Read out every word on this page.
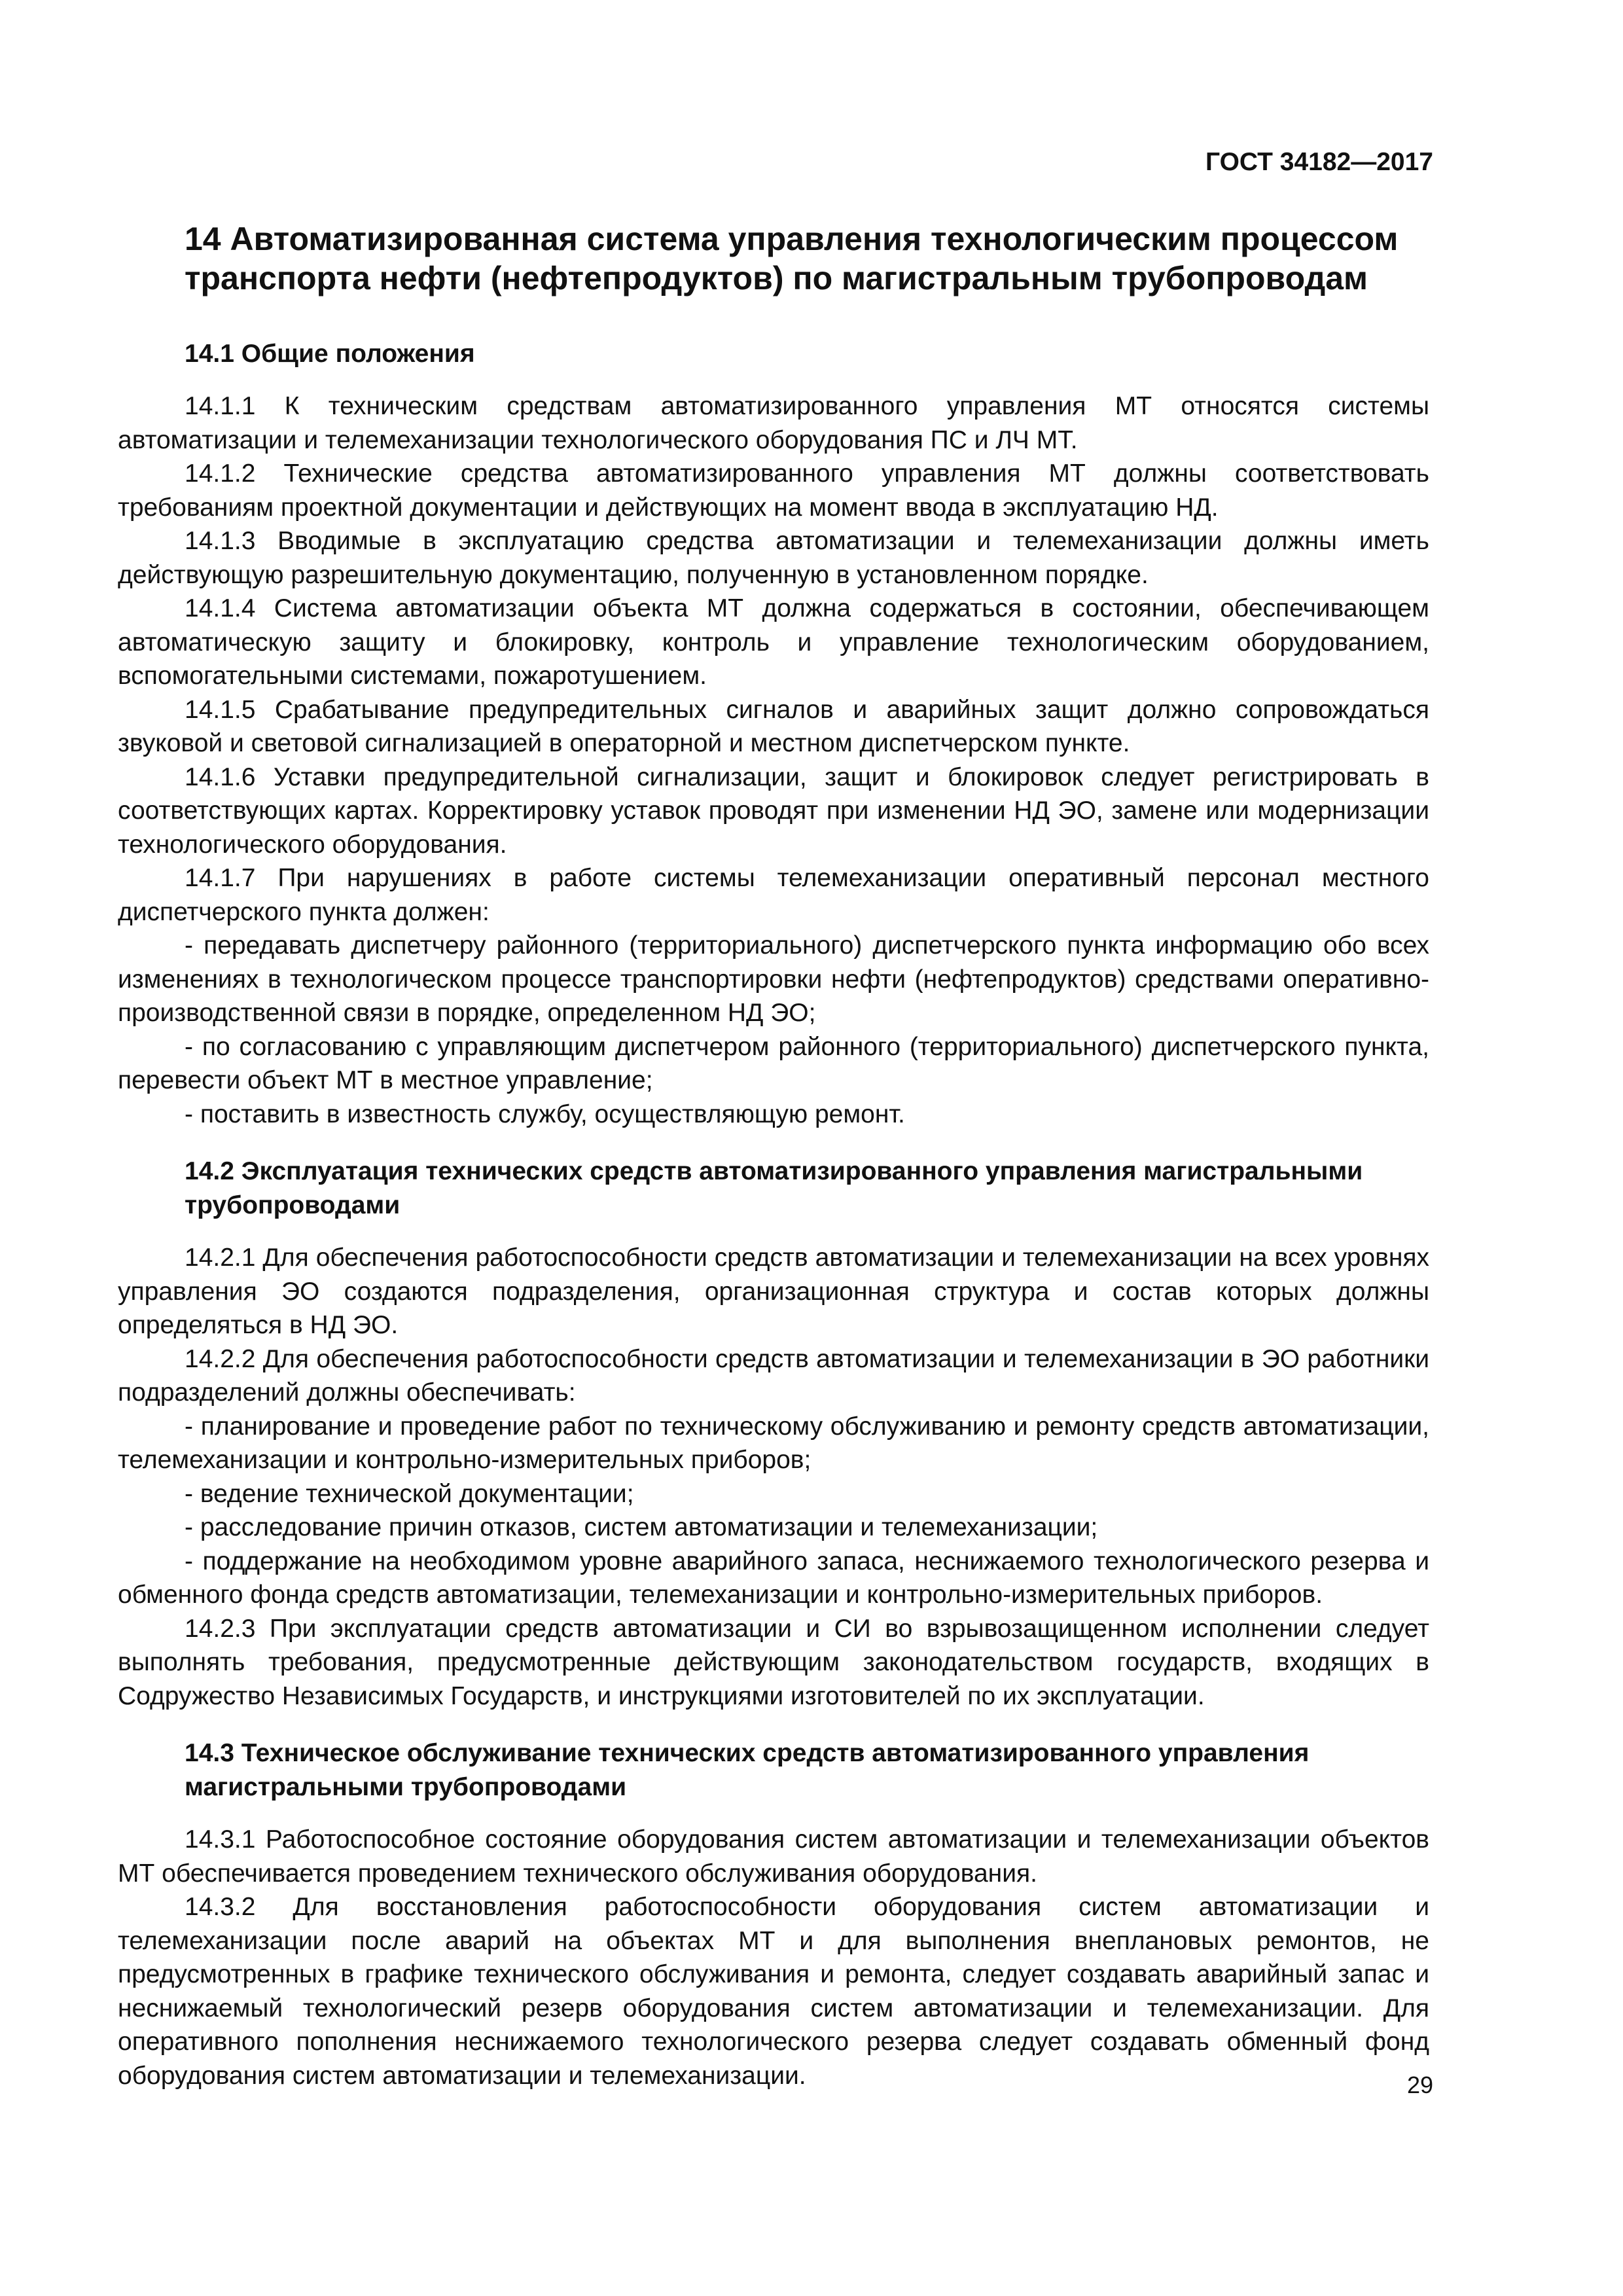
ГОСТ 34182—2017
14 Автоматизированная система управления технологическим процессом транспорта нефти (нефтепродуктов) по магистральным трубопроводам
14.1 Общие положения

14.1.1 К техническим средствам автоматизированного управления МТ относятся системы автоматизации и телемеханизации технологического оборудования ПС и ЛЧ МТ.

14.1.2 Технические средства автоматизированного управления МТ должны соответствовать требованиям проектной документации и действующих на момент ввода в эксплуатацию НД.

14.1.3 Вводимые в эксплуатацию средства автоматизации и телемеханизации должны иметь действующую разрешительную документацию, полученную в установленном порядке.

14.1.4 Система автоматизации объекта МТ должна содержаться в состоянии, обеспечивающем автоматическую защиту и блокировку, контроль и управление технологическим оборудованием, вспомогательными системами, пожаротушением.

14.1.5 Срабатывание предупредительных сигналов и аварийных защит должно сопровождаться звуковой и световой сигнализацией в операторной и местном диспетчерском пункте.

14.1.6 Уставки предупредительной сигнализации, защит и блокировок следует регистрировать в соответствующих картах. Корректировку уставок проводят при изменении НД ЭО, замене или модернизации технологического оборудования.

14.1.7 При нарушениях в работе системы телемеханизации оперативный персонал местного диспетчерского пункта должен:

- передавать диспетчеру районного (территориального) диспетчерского пункта информацию обо всех изменениях в технологическом процессе транспортировки нефти (нефтепродуктов) средствами оперативно-производственной связи в порядке, определенном НД ЭО;

- по согласованию с управляющим диспетчером районного (территориального) диспетчерского пункта, перевести объект МТ в местное управление;

- поставить в известность службу, осуществляющую ремонт.

14.2 Эксплуатация технических средств автоматизированного управления магистральными трубопроводами

14.2.1 Для обеспечения работоспособности средств автоматизации и телемеханизации на всех уровнях управления ЭО создаются подразделения, организационная структура и состав которых должны определяться в НД ЭО.

14.2.2 Для обеспечения работоспособности средств автоматизации и телемеханизации в ЭО работники подразделений должны обеспечивать:

- планирование и проведение работ по техническому обслуживанию и ремонту средств автоматизации, телемеханизации и контрольно-измерительных приборов;

- ведение технической документации;

- расследование причин отказов, систем автоматизации и телемеханизации;

- поддержание на необходимом уровне аварийного запаса, неснижаемого технологического резерва и обменного фонда средств автоматизации, телемеханизации и контрольно-измерительных приборов.

14.2.3 При эксплуатации средств автоматизации и СИ во взрывозащищенном исполнении следует выполнять требования, предусмотренные действующим законодательством государств, входящих в Содружество Независимых Государств, и инструкциями изготовителей по их эксплуатации.

14.3 Техническое обслуживание технических средств автоматизированного управления магистральными трубопроводами

14.3.1 Работоспособное состояние оборудования систем автоматизации и телемеханизации объектов МТ обеспечивается проведением технического обслуживания оборудования.

14.3.2 Для восстановления работоспособности оборудования систем автоматизации и телемеханизации после аварий на объектах МТ и для выполнения внеплановых ремонтов, не предусмотренных в графике технического обслуживания и ремонта, следует создавать аварийный запас и неснижаемый технологический резерв оборудования систем автоматизации и телемеханизации. Для оперативного пополнения неснижаемого технологического резерва следует создавать обменный фонд оборудования систем автоматизации и телемеханизации.	29
